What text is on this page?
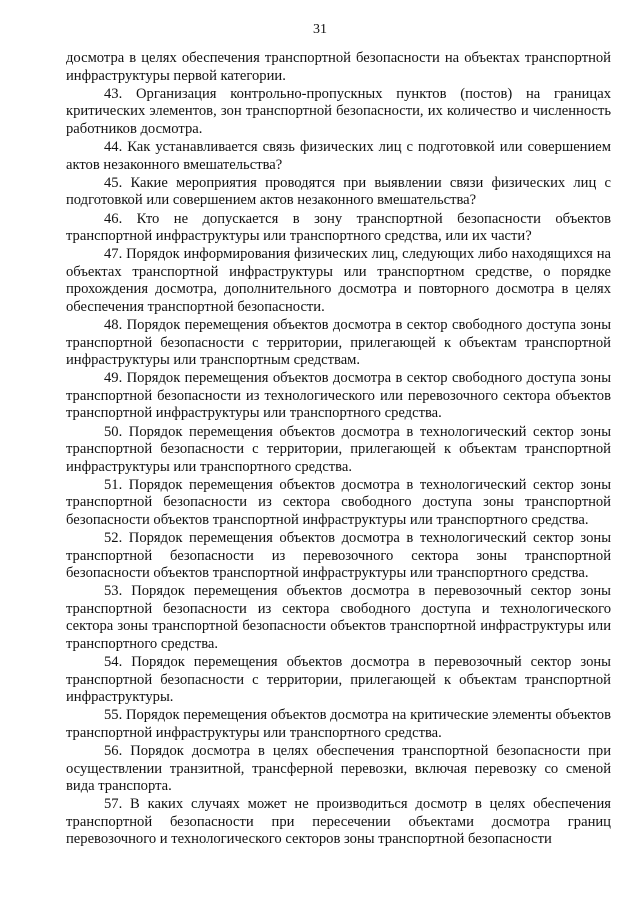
31

досмотра в целях обеспечения транспортной безопасности на объектах транспортной инфраструктуры первой категории.

43. Организация контрольно-пропускных пунктов (постов) на границах критических элементов, зон транспортной безопасности, их количество и численность работников досмотра.

44. Как устанавливается связь физических лиц с подготовкой или совершением актов незаконного вмешательства?

45. Какие мероприятия проводятся при выявлении связи физических лиц с подготовкой или совершением актов незаконного вмешательства?

46. Кто не допускается в зону транспортной безопасности объектов транспортной инфраструктуры или транспортного средства, или их части?

47. Порядок информирования физических лиц, следующих либо находящихся на объектах транспортной инфраструктуры или транспортном средстве, о порядке прохождения досмотра, дополнительного досмотра и повторного досмотра в целях обеспечения транспортной безопасности.

48. Порядок перемещения объектов досмотра в сектор свободного доступа зоны транспортной безопасности с территории, прилегающей к объектам транспортной инфраструктуры или транспортным средствам.

49. Порядок перемещения объектов досмотра в сектор свободного доступа зоны транспортной безопасности из технологического или перевозочного сектора объектов транспортной инфраструктуры или транспортного средства.

50. Порядок перемещения объектов досмотра в технологический сектор зоны транспортной безопасности с территории, прилегающей к объектам транспортной инфраструктуры или транспортного средства.

51. Порядок перемещения объектов досмотра в технологический сектор зоны транспортной безопасности из сектора свободного доступа зоны транспортной безопасности объектов транспортной инфраструктуры или транспортного средства.

52. Порядок перемещения объектов досмотра в технологический сектор зоны транспортной безопасности из перевозочного сектора зоны транспортной безопасности объектов транспортной инфраструктуры или транспортного средства.

53. Порядок перемещения объектов досмотра в перевозочный сектор зоны транспортной безопасности из сектора свободного доступа и технологического сектора зоны транспортной безопасности объектов транспортной инфраструктуры или транспортного средства.

54. Порядок перемещения объектов досмотра в перевозочный сектор зоны транспортной безопасности с территории, прилегающей к объектам транспортной инфраструктуры.

55. Порядок перемещения объектов досмотра на критические элементы объектов транспортной инфраструктуры или транспортного средства.

56. Порядок досмотра в целях обеспечения транспортной безопасности при осуществлении транзитной, трансферной перевозки, включая перевозку со сменой вида транспорта.

57. В каких случаях может не производиться досмотр в целях обеспечения транспортной безопасности при пересечении объектами досмотра границ перевозочного и технологического секторов зоны транспортной безопасности
